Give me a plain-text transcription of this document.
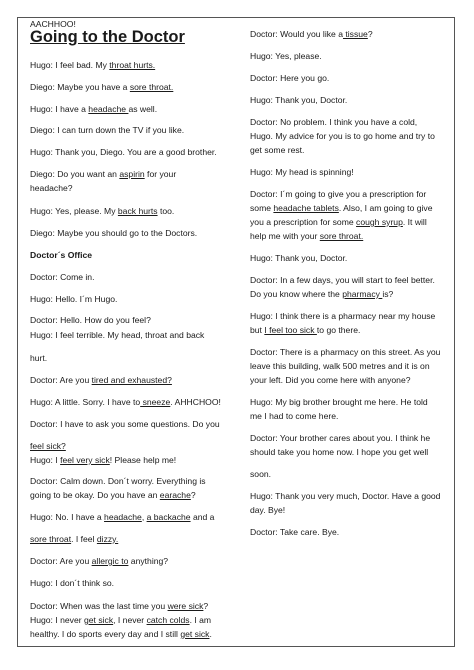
Going to the Doctor

Hugo: I feel bad. My throat hurts.

Diego: Maybe you have a sore throat.

Hugo: I have a headache as well.

Diego: I can turn down the TV if you like.

Hugo: Thank you, Diego. You are a good brother.

Diego: Do you want an aspirin for your

headache?

Hugo: Yes, please. My back hurts too.

Diego: Maybe you should go to the Doctors.

Doctor´s Office

Doctor: Come in.

Hugo: Hello. I´m Hugo.

Doctor: Hello. How do you feel?

Hugo: I feel terrible. My head, throat and back

hurt.

Doctor: Are you tired and exhausted?

Hugo: A little. Sorry. I have to sneeze. AHHCHOO!

Doctor: I have to ask you some questions. Do you

feel sick?

Hugo: I feel very sick! Please help me!

Doctor: Calm down. Don´t worry. Everything is

going to be okay. Do you have an earache?

Hugo: No. I have a headache, a backache and a

sore throat. I feel dizzy.

Doctor: Are you allergic to anything?

Hugo: I don´t think so.

Doctor: When was the last time you were sick?

Hugo: I never get sick, I never catch colds. I am

healthy. I do sports every day and I still get sick.

AACHHOO!

Doctor: Would you like a tissue?

Hugo: Yes, please.

Doctor: Here you go.

Hugo: Thank you, Doctor.

Doctor: No problem. I think you have a cold,

Hugo. My advice for you is to go home and try to

get some rest.

Hugo: My head is spinning!

Doctor: I´m going to give you a prescription for

some headache tablets. Also, I am going to give

you a prescription for some cough syrup. It will

help me with your sore throat.

Hugo: Thank you, Doctor.

Doctor: In a few days, you will start to feel better.

Do you know where the pharmacy is?

Hugo: I think there is a pharmacy near my house

but I feel too sick to go there.

Doctor: There is a pharmacy on this street. As you

leave this building, walk 500 metres and it is on

your left. Did you come here with anyone?

Hugo: My big brother brought me here. He told

me I had to come here.

Doctor: Your brother cares about you. I think he

should take you home now. I hope you get well

soon.

Hugo: Thank you very much, Doctor. Have a good

day. Bye!

Doctor: Take care. Bye.
